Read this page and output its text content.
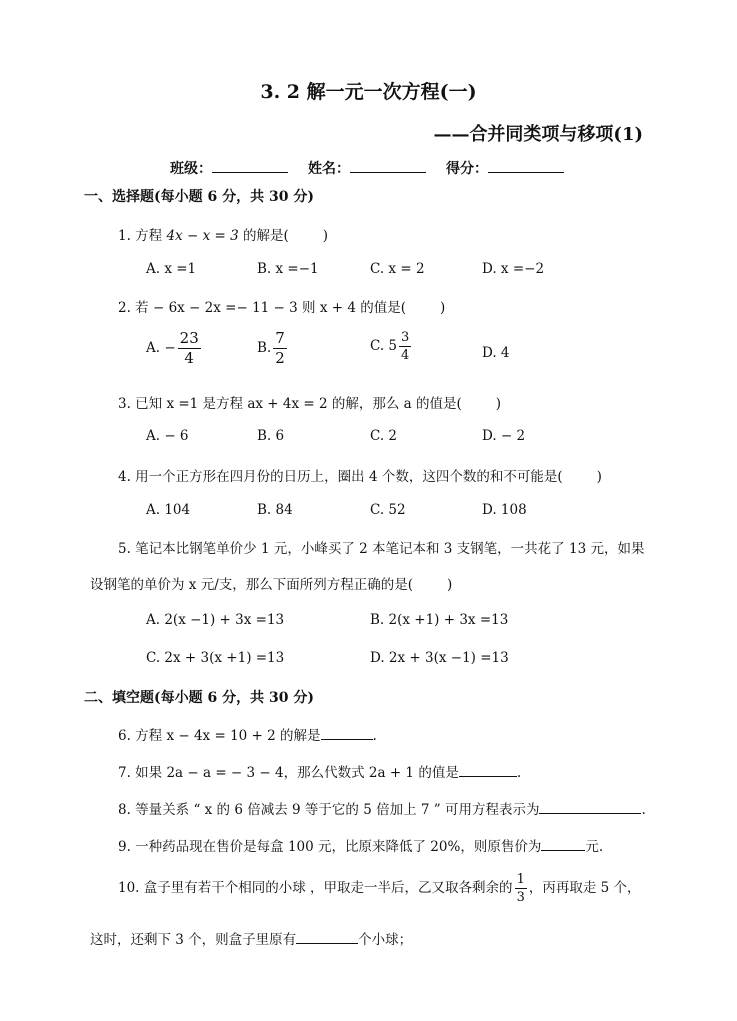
3. 2 解一元一次方程(一)
——合并同类项与移项(1)
班级：	姓名：	得分：
一、选择题(每小题 6 分，共 30 分)
1. 方程 4x − x = 3 的解是(	)
A. x =1	B. x =−1	C. x = 2	D. x =−2
2. 若 − 6x − 2x =− 11 − 3 则 x + 4 的值是(	)
A. − $\frac{23}{4}$	B. $\frac{7}{2}$	C. $5 \frac{3}{4}$	D. 4
3. 已知 x =1 是方程 ax + 4x = 2 的解，那么 a 的值是(	)
A. − 6	B. 6	C. 2	D. − 2
4. 用一个正方形在四月份的日历上，圈出 4 个数，这四个数的和不可能是(	)
A. 104	B. 84	C. 52	D. 108
5. 笔记本比钢笔单价少 1 元，小峰买了 2 本笔记本和 3 支钢笔，一共花了 13 元，如果
设钢笔的单价为 x 元/支，那么下面所列方程正确的是(	)
A. 2(x −1) + 3x =13	B. 2(x +1) + 3x =13
C. 2x + 3(x +1) =13	D. 2x + 3(x −1) =13
二、填空题(每小题 6 分，共 30 分)
6. 方程 x − 4x = 10 + 2 的解是	.
7. 如果 2a − a = − 3 − 4，那么代数式 2a + 1 的值是	.
8. 等量关系 “ x 的 6 倍减去 9 等于它的 5 倍加上 7 ” 可用方程表示为	.
9. 一种药品现在售价是每盒 100 元，比原来降低了 20%，则原售价为	元.
10. 盒子里有若干个相同的小球 ，甲取走一半后，乙又取各剩余的 $\frac{1}{3}$ ，丙再取走 5 个，
这时，还剩下 3 个，则盒子里原有	个小球；
